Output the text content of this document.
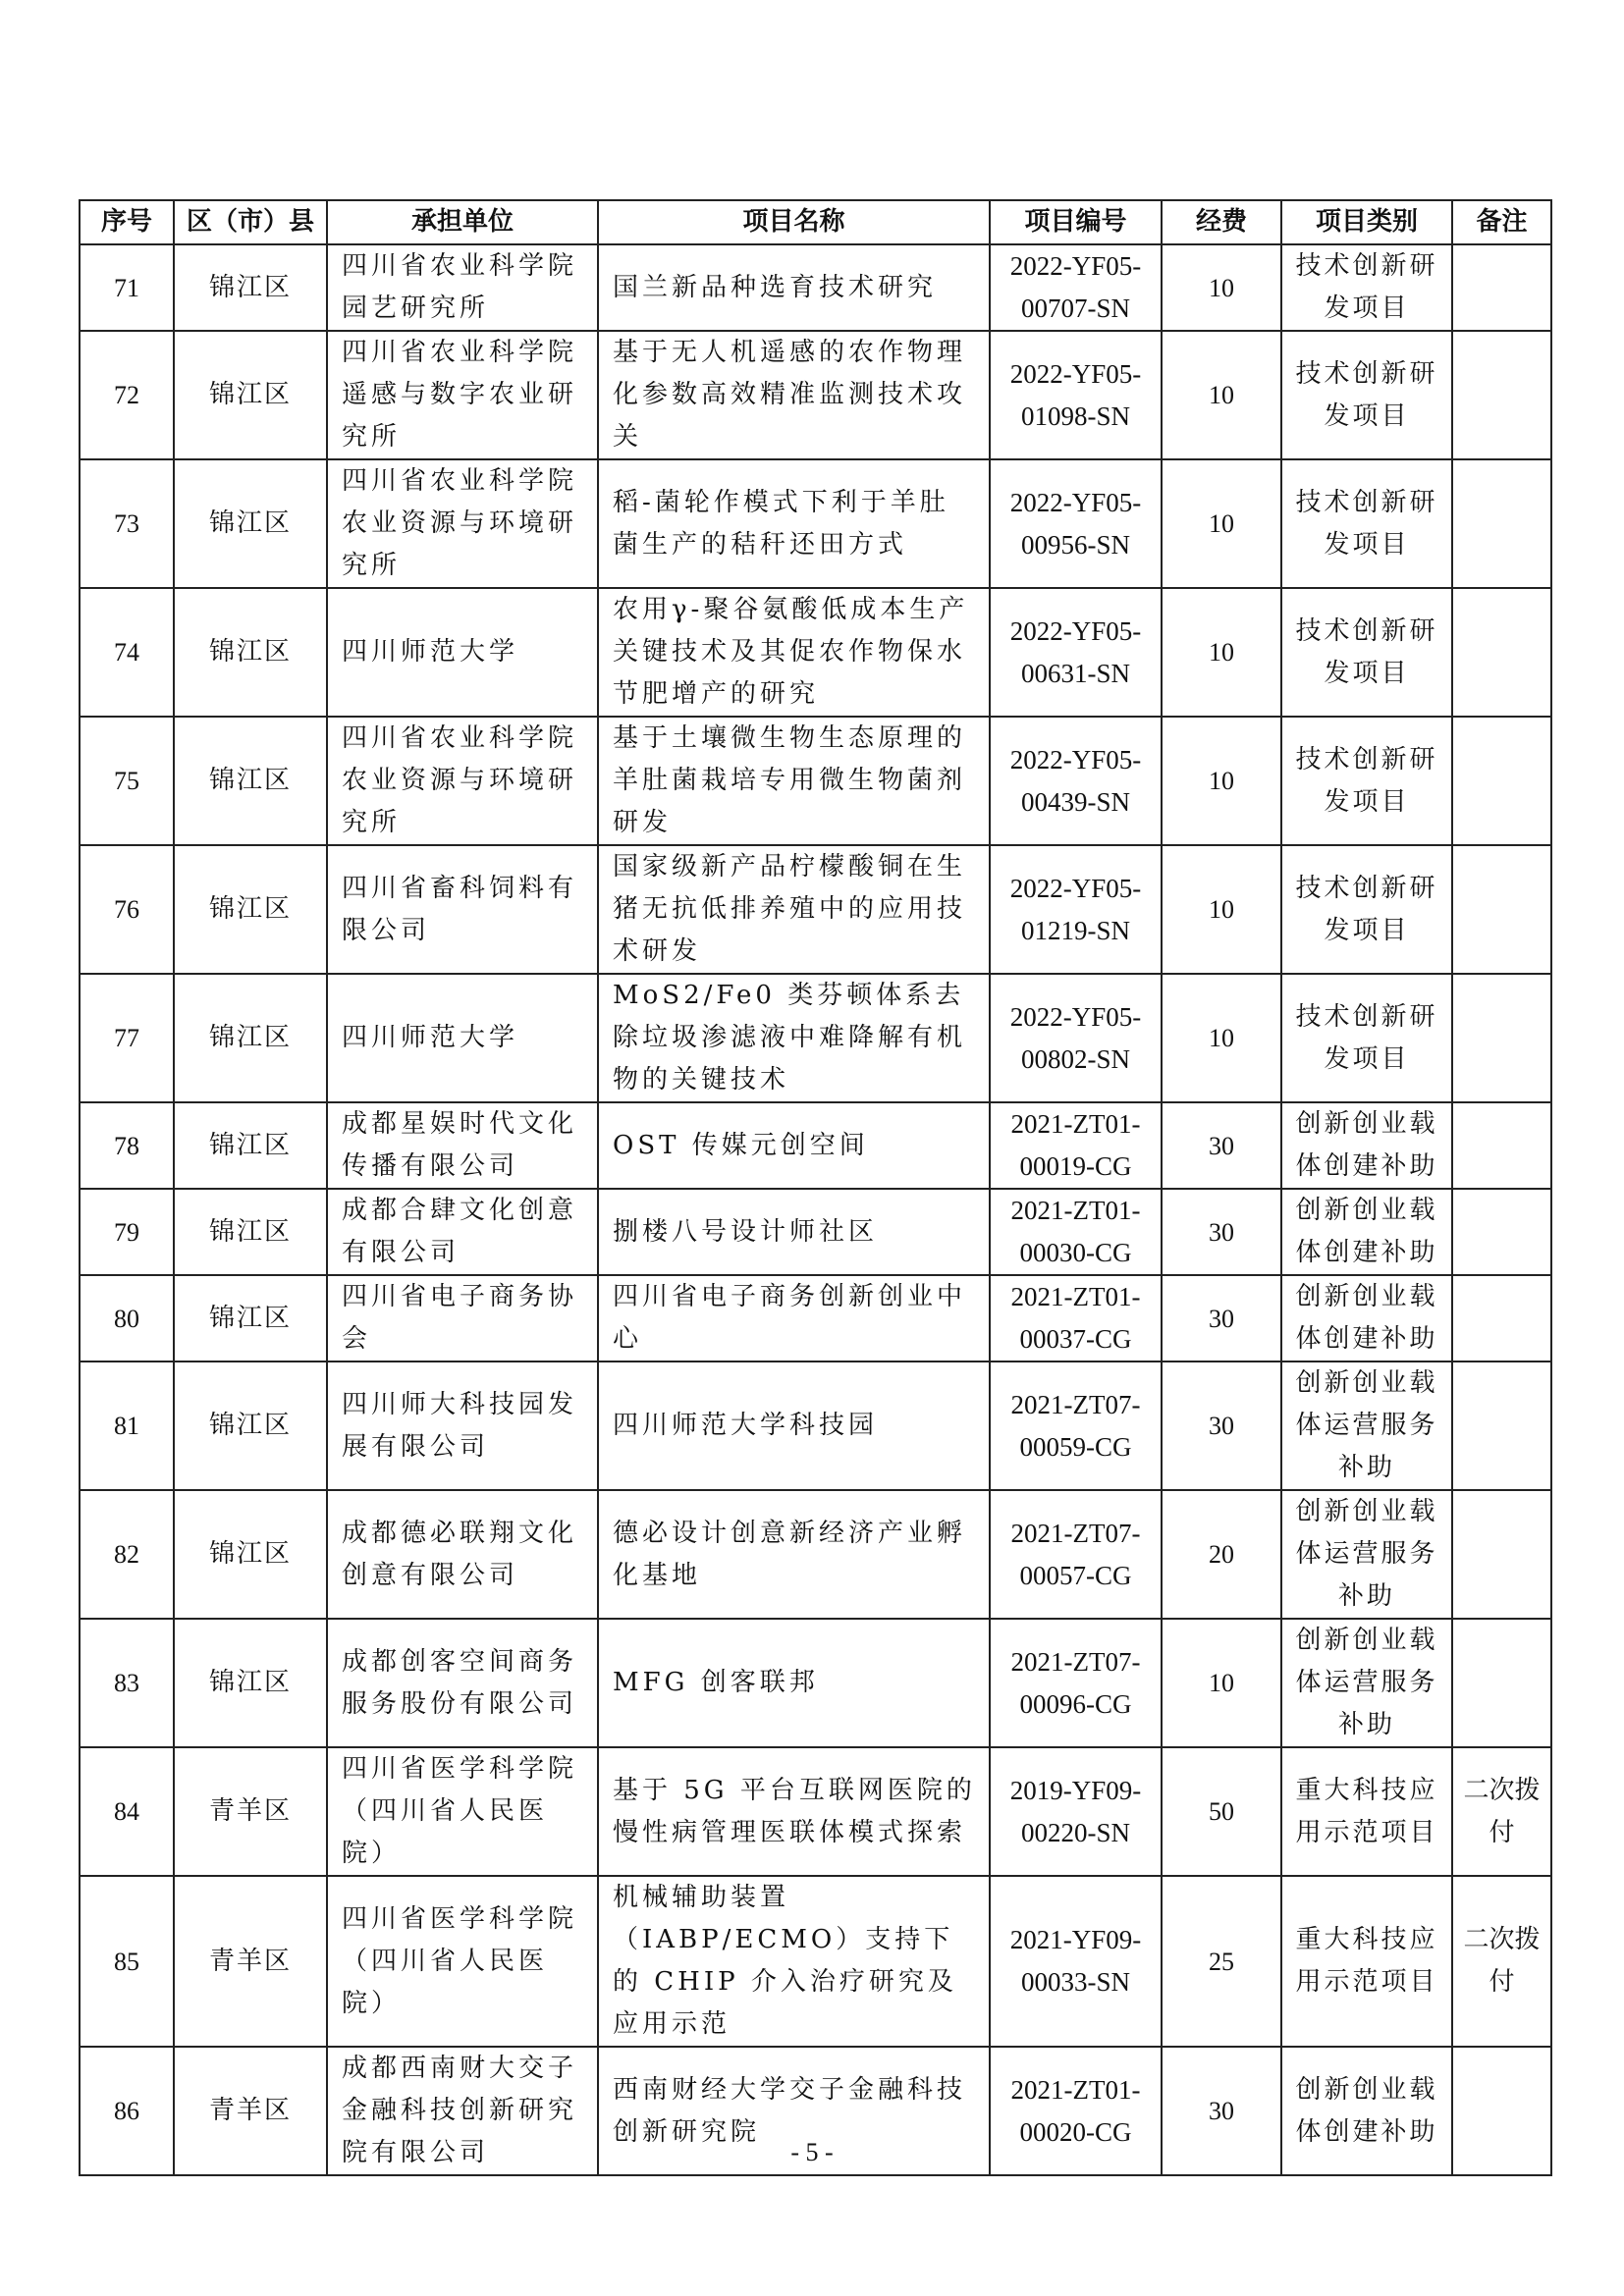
序号	区（市）县	承担单位	项目名称	项目编号	经费	项目类别	备注
71	锦江区	四川省农业科学院园艺研究所	国兰新品种选育技术研究	2022-YF05-00707-SN	10	技术创新研发项目	
72	锦江区	四川省农业科学院遥感与数字农业研究所	基于无人机遥感的农作物理化参数高效精准监测技术攻关	2022-YF05-01098-SN	10	技术创新研发项目	
73	锦江区	四川省农业科学院农业资源与环境研究所	稻-菌轮作模式下利于羊肚菌生产的秸秆还田方式	2022-YF05-00956-SN	10	技术创新研发项目	
74	锦江区	四川师范大学	农用γ-聚谷氨酸低成本生产关键技术及其促农作物保水节肥增产的研究	2022-YF05-00631-SN	10	技术创新研发项目	
75	锦江区	四川省农业科学院农业资源与环境研究所	基于土壤微生物生态原理的羊肚菌栽培专用微生物菌剂研发	2022-YF05-00439-SN	10	技术创新研发项目	
76	锦江区	四川省畜科饲料有限公司	国家级新产品柠檬酸铜在生猪无抗低排养殖中的应用技术研发	2022-YF05-01219-SN	10	技术创新研发项目	
77	锦江区	四川师范大学	MoS2/Fe0 类芬顿体系去除垃圾渗滤液中难降解有机物的关键技术	2022-YF05-00802-SN	10	技术创新研发项目	
78	锦江区	成都星娱时代文化传播有限公司	OST 传媒元创空间	2021-ZT01-00019-CG	30	创新创业载体创建补助	
79	锦江区	成都合肆文化创意有限公司	捌楼八号设计师社区	2021-ZT01-00030-CG	30	创新创业载体创建补助	
80	锦江区	四川省电子商务协会	四川省电子商务创新创业中心	2021-ZT01-00037-CG	30	创新创业载体创建补助	
81	锦江区	四川师大科技园发展有限公司	四川师范大学科技园	2021-ZT07-00059-CG	30	创新创业载体运营服务补助	
82	锦江区	成都德必联翔文化创意有限公司	德必设计创意新经济产业孵化基地	2021-ZT07-00057-CG	20	创新创业载体运营服务补助	
83	锦江区	成都创客空间商务服务股份有限公司	MFG 创客联邦	2021-ZT07-00096-CG	10	创新创业载体运营服务补助	
84	青羊区	四川省医学科学院（四川省人民医院）	基于 5G 平台互联网医院的慢性病管理医联体模式探索	2019-YF09-00220-SN	50	重大科技应用示范项目	二次拨付
85	青羊区	四川省医学科学院（四川省人民医院）	机械辅助装置（IABP/ECMO）支持下的 CHIP 介入治疗研究及应用示范	2021-YF09-00033-SN	25	重大科技应用示范项目	二次拨付
86	青羊区	成都西南财大交子金融科技创新研究院有限公司	西南财经大学交子金融科技创新研究院	2021-ZT01-00020-CG	30	创新创业载体创建补助	
- 5 -
